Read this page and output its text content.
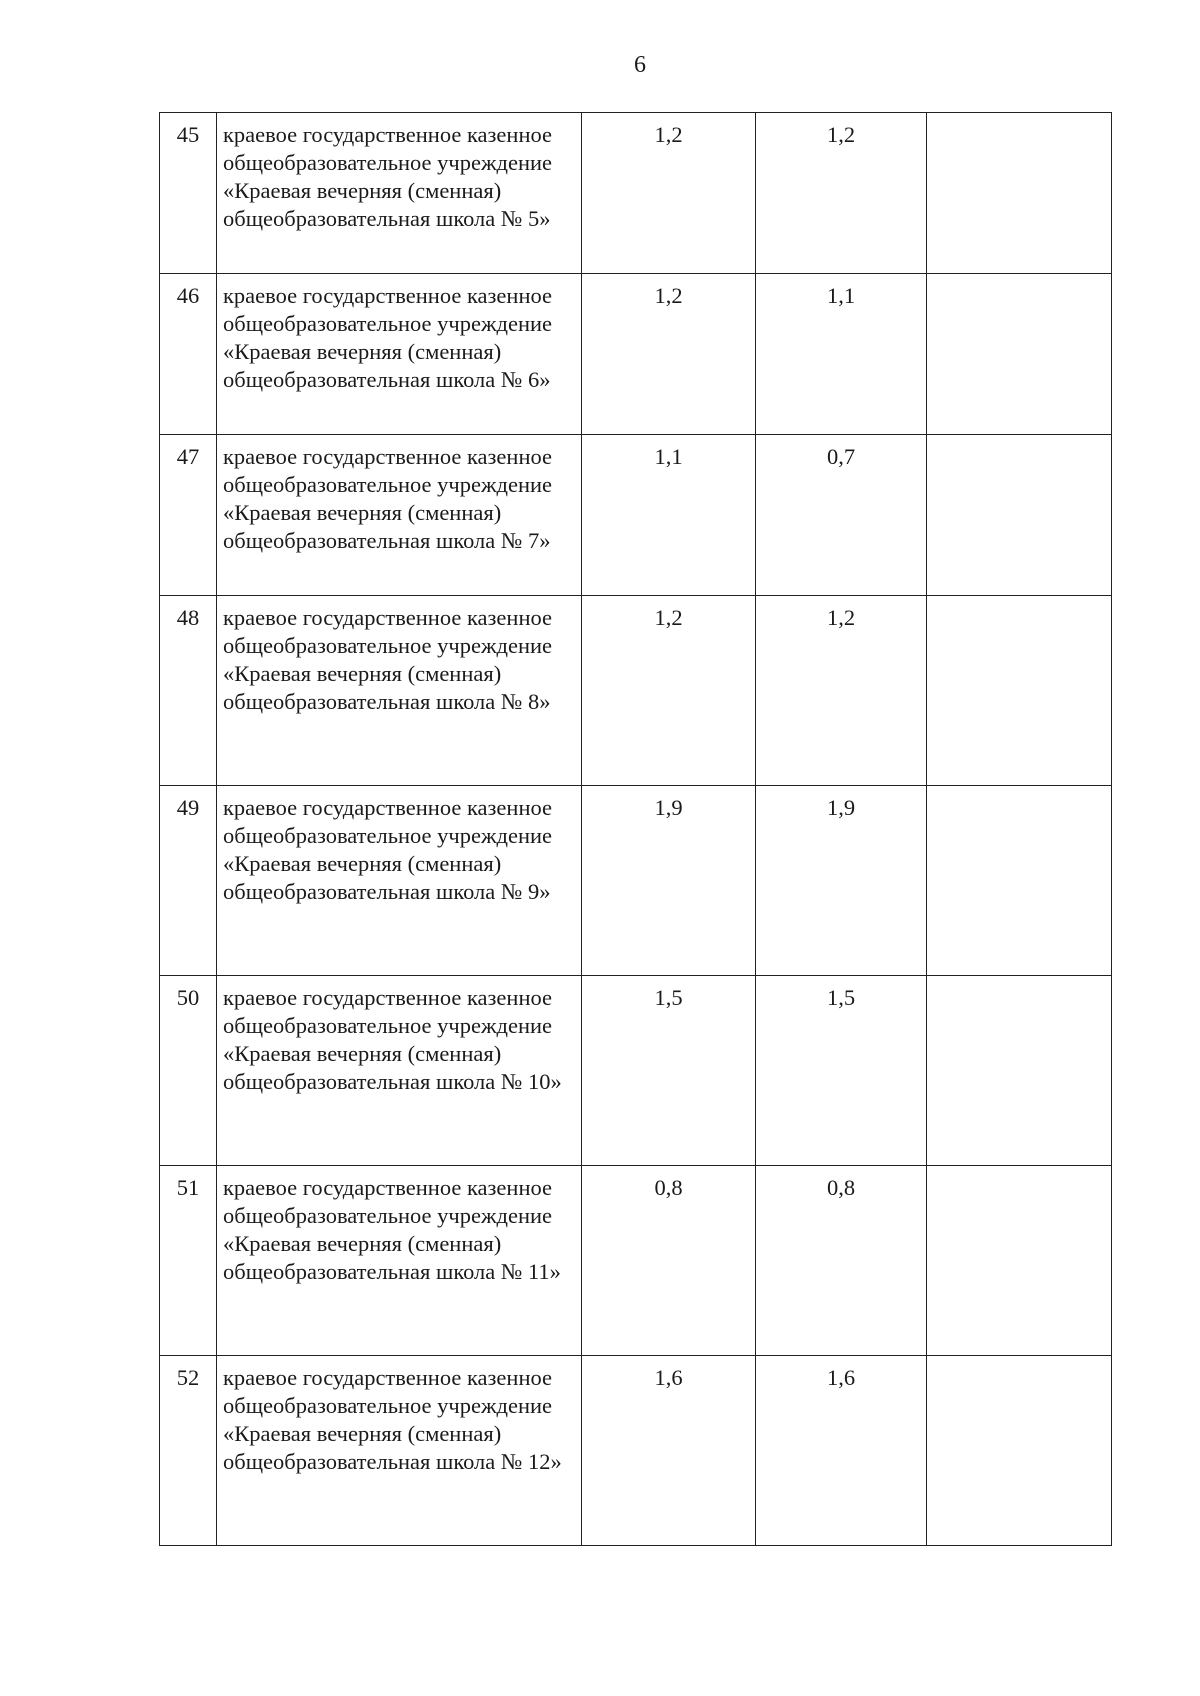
6
45	краевое государственное казенное общеобразовательное учреждение «Краевая вечерняя (сменная) общеобразовательная школа № 5»	1,2	1,2	
46	краевое государственное казенное общеобразовательное учреждение «Краевая вечерняя (сменная) общеобразовательная школа № 6»	1,2	1,1	
47	краевое государственное казенное общеобразовательное учреждение «Краевая вечерняя (сменная) общеобразовательная школа № 7»	1,1	0,7	
48	краевое государственное казенное общеобразовательное учреждение «Краевая вечерняя (сменная) общеобразовательная школа № 8»	1,2	1,2	
49	краевое государственное казенное общеобразовательное учреждение «Краевая вечерняя (сменная) общеобразовательная школа № 9»	1,9	1,9	
50	краевое государственное казенное общеобразовательное учреждение «Краевая вечерняя (сменная) общеобразовательная школа № 10»	1,5	1,5	
51	краевое государственное казенное общеобразовательное учреждение «Краевая вечерняя (сменная) общеобразовательная школа № 11»	0,8	0,8	
52	краевое государственное казенное общеобразовательное учреждение «Краевая вечерняя (сменная) общеобразовательная школа № 12»	1,6	1,6	
